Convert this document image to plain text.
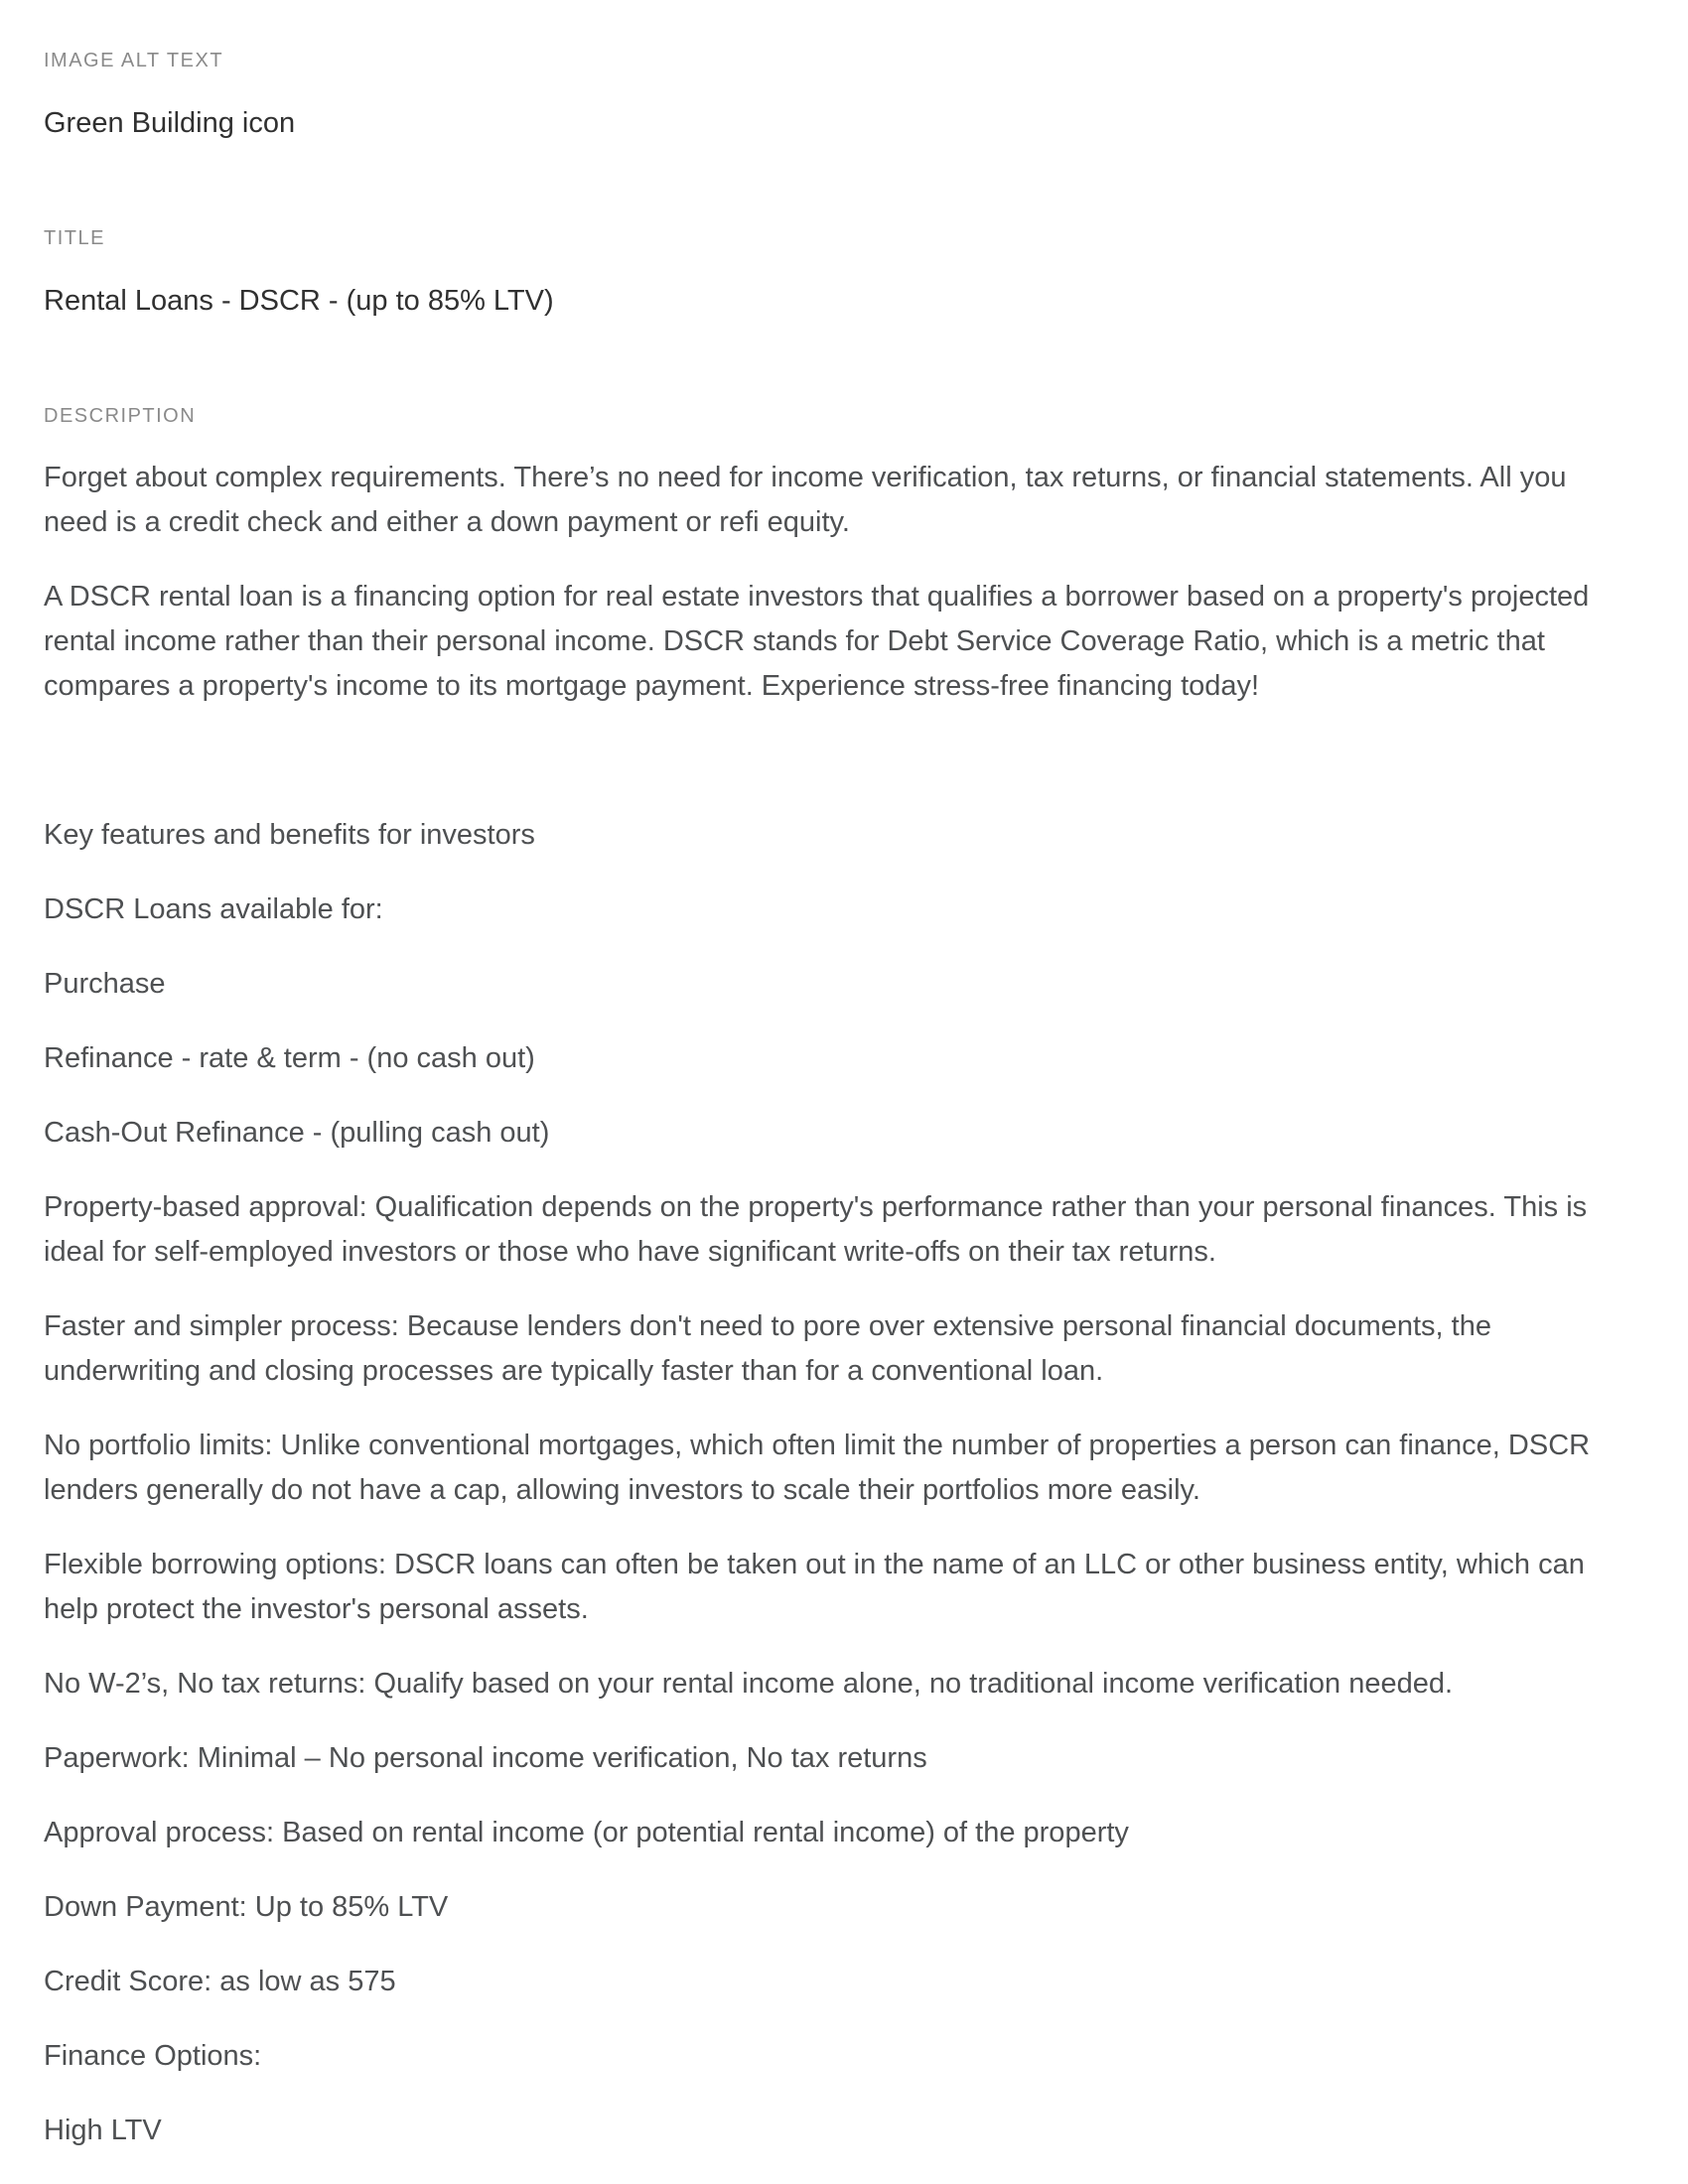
IMAGE ALT TEXT
Green Building icon
TITLE
Rental Loans - DSCR - (up to 85% LTV)
DESCRIPTION

Forget about complex requirements. There’s no need for income verification, tax returns, or financial statements. All you need is a credit check and either a down payment or refi equity.

A DSCR rental loan is a financing option for real estate investors that qualifies a borrower based on a property's projected rental income rather than their personal income. DSCR stands for Debt Service Coverage Ratio, which is a metric that compares a property's income to its mortgage payment. Experience stress-free financing today!

Key features and benefits for investors

DSCR Loans available for:

Purchase

Refinance - rate & term - (no cash out)

Cash-Out Refinance - (pulling cash out)

Property-based approval: Qualification depends on the property's performance rather than your personal finances. This is ideal for self-employed investors or those who have significant write-offs on their tax returns.

Faster and simpler process: Because lenders don't need to pore over extensive personal financial documents, the underwriting and closing processes are typically faster than for a conventional loan.

No portfolio limits: Unlike conventional mortgages, which often limit the number of properties a person can finance, DSCR lenders generally do not have a cap, allowing investors to scale their portfolios more easily.

Flexible borrowing options: DSCR loans can often be taken out in the name of an LLC or other business entity, which can help protect the investor's personal assets.

No W-2’s, No tax returns: Qualify based on your rental income alone, no traditional income verification needed.

Paperwork: Minimal – No personal income verification, No tax returns

Approval process: Based on rental income (or potential rental income) of the property

Down Payment: Up to 85% LTV

Credit Score: as low as 575

Finance Options:

High LTV
